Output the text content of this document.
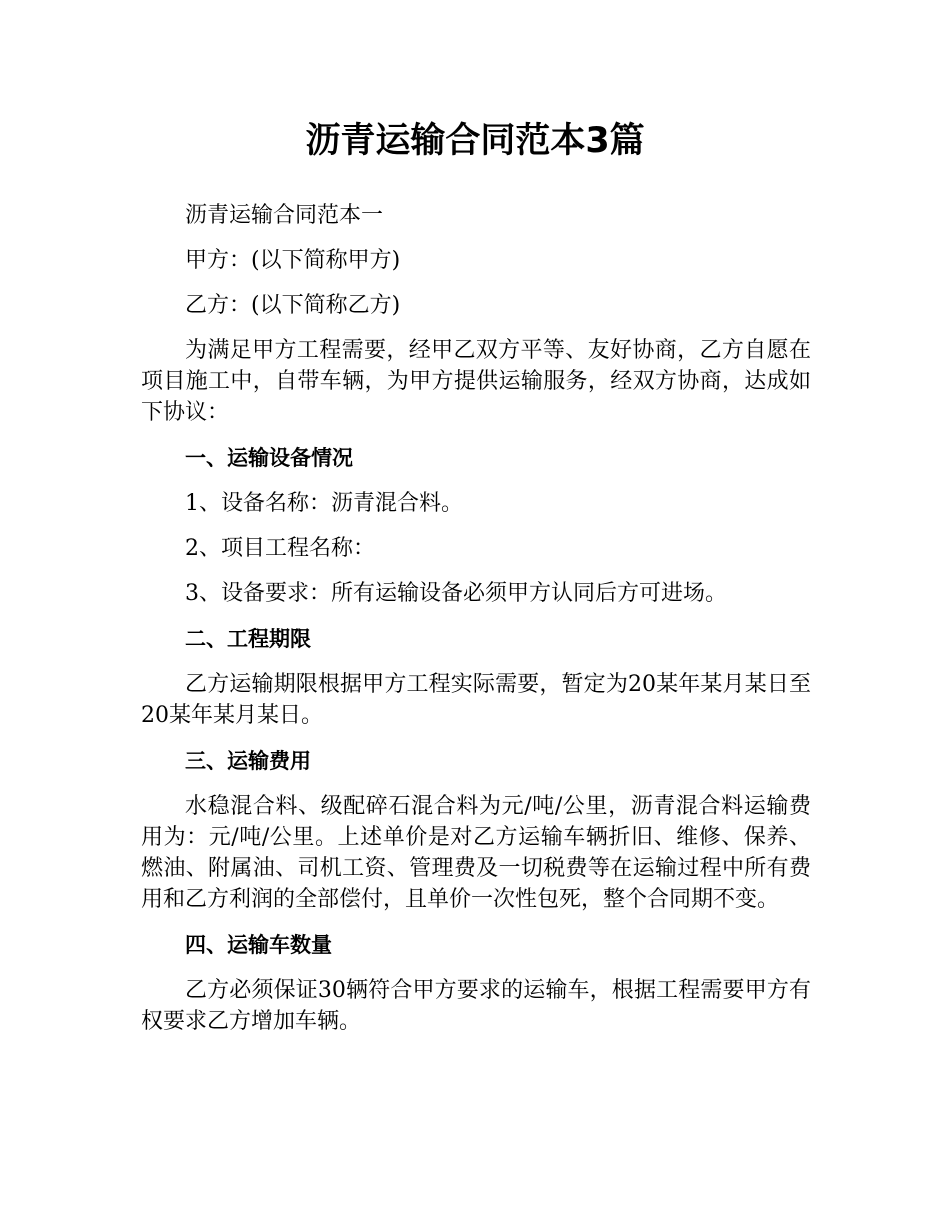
沥青运输合同范本3篇

沥青运输合同范本一

甲方：(以下简称甲方)

乙方：(以下简称乙方)

为满足甲方工程需要，经甲乙双方平等、友好协商，乙方自愿在项目施工中，自带车辆，为甲方提供运输服务，经双方协商，达成如下协议：

一、运输设备情况

1、设备名称：沥青混合料。

2、项目工程名称：

3、设备要求：所有运输设备必须甲方认同后方可进场。

二、工程期限

乙方运输期限根据甲方工程实际需要，暂定为20某年某月某日至20某年某月某日。

三、运输费用

水稳混合料、级配碎石混合料为元/吨/公里，沥青混合料运输费用为：元/吨/公里。上述单价是对乙方运输车辆折旧、维修、保养、燃油、附属油、司机工资、管理费及一切税费等在运输过程中所有费用和乙方利润的全部偿付，且单价一次性包死，整个合同期不变。

四、运输车数量

乙方必须保证30辆符合甲方要求的运输车，根据工程需要甲方有权要求乙方增加车辆。
